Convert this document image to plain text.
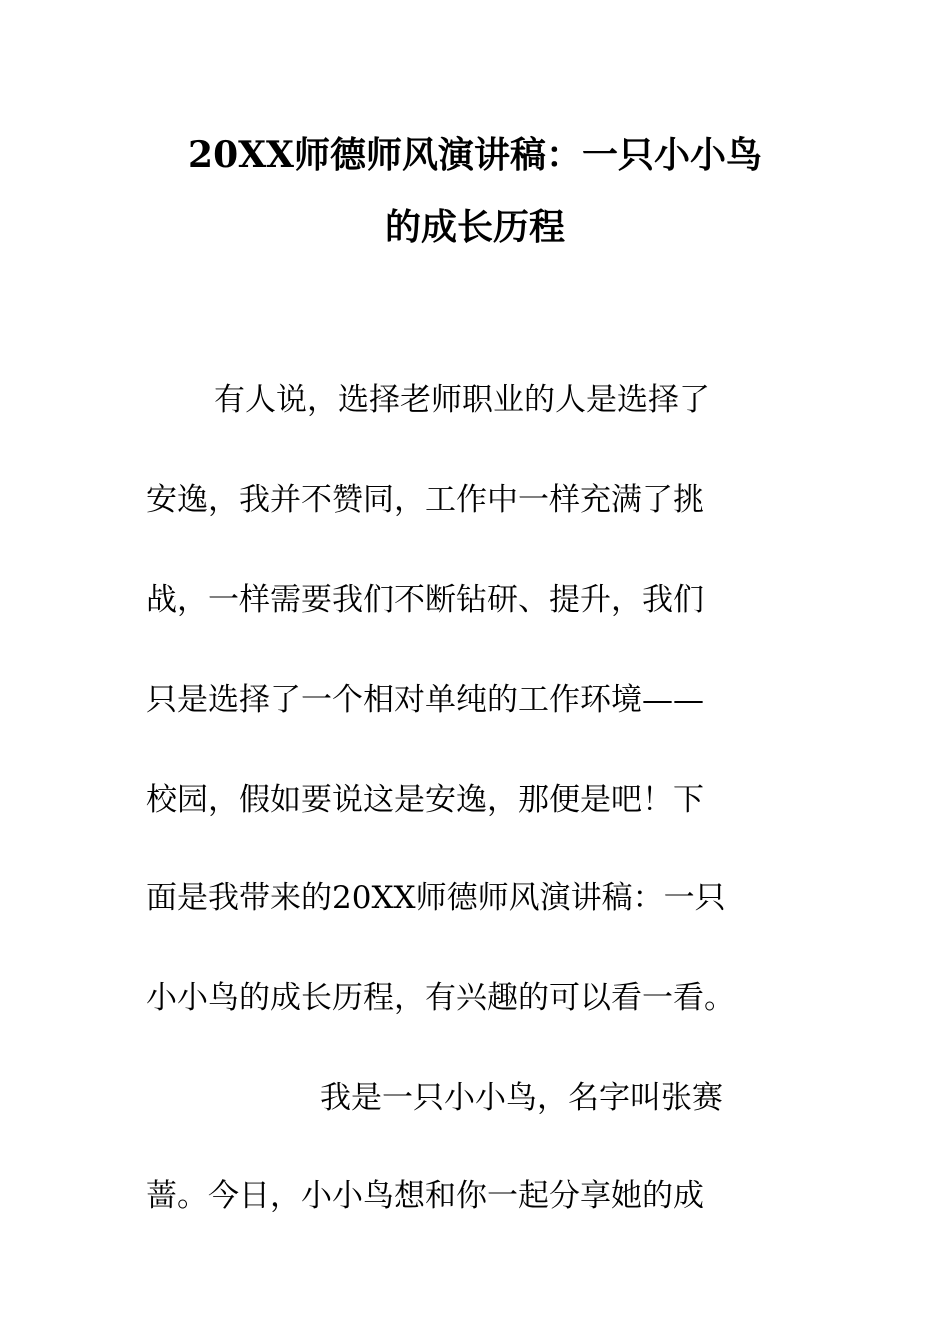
20XX师德师风演讲稿：一只小小鸟
的成长历程
有人说，选择老师职业的人是选择了
安逸，我并不赞同，工作中一样充满了挑
战，一样需要我们不断钻研、提升，我们
只是选择了一个相对单纯的工作环境——
校园，假如要说这是安逸，那便是吧！下
面是我带来的20XX师德师风演讲稿：一只
小小鸟的成长历程，有兴趣的可以看一看。
我是一只小小鸟，名字叫张赛
蔷。今日，小小鸟想和你一起分享她的成
